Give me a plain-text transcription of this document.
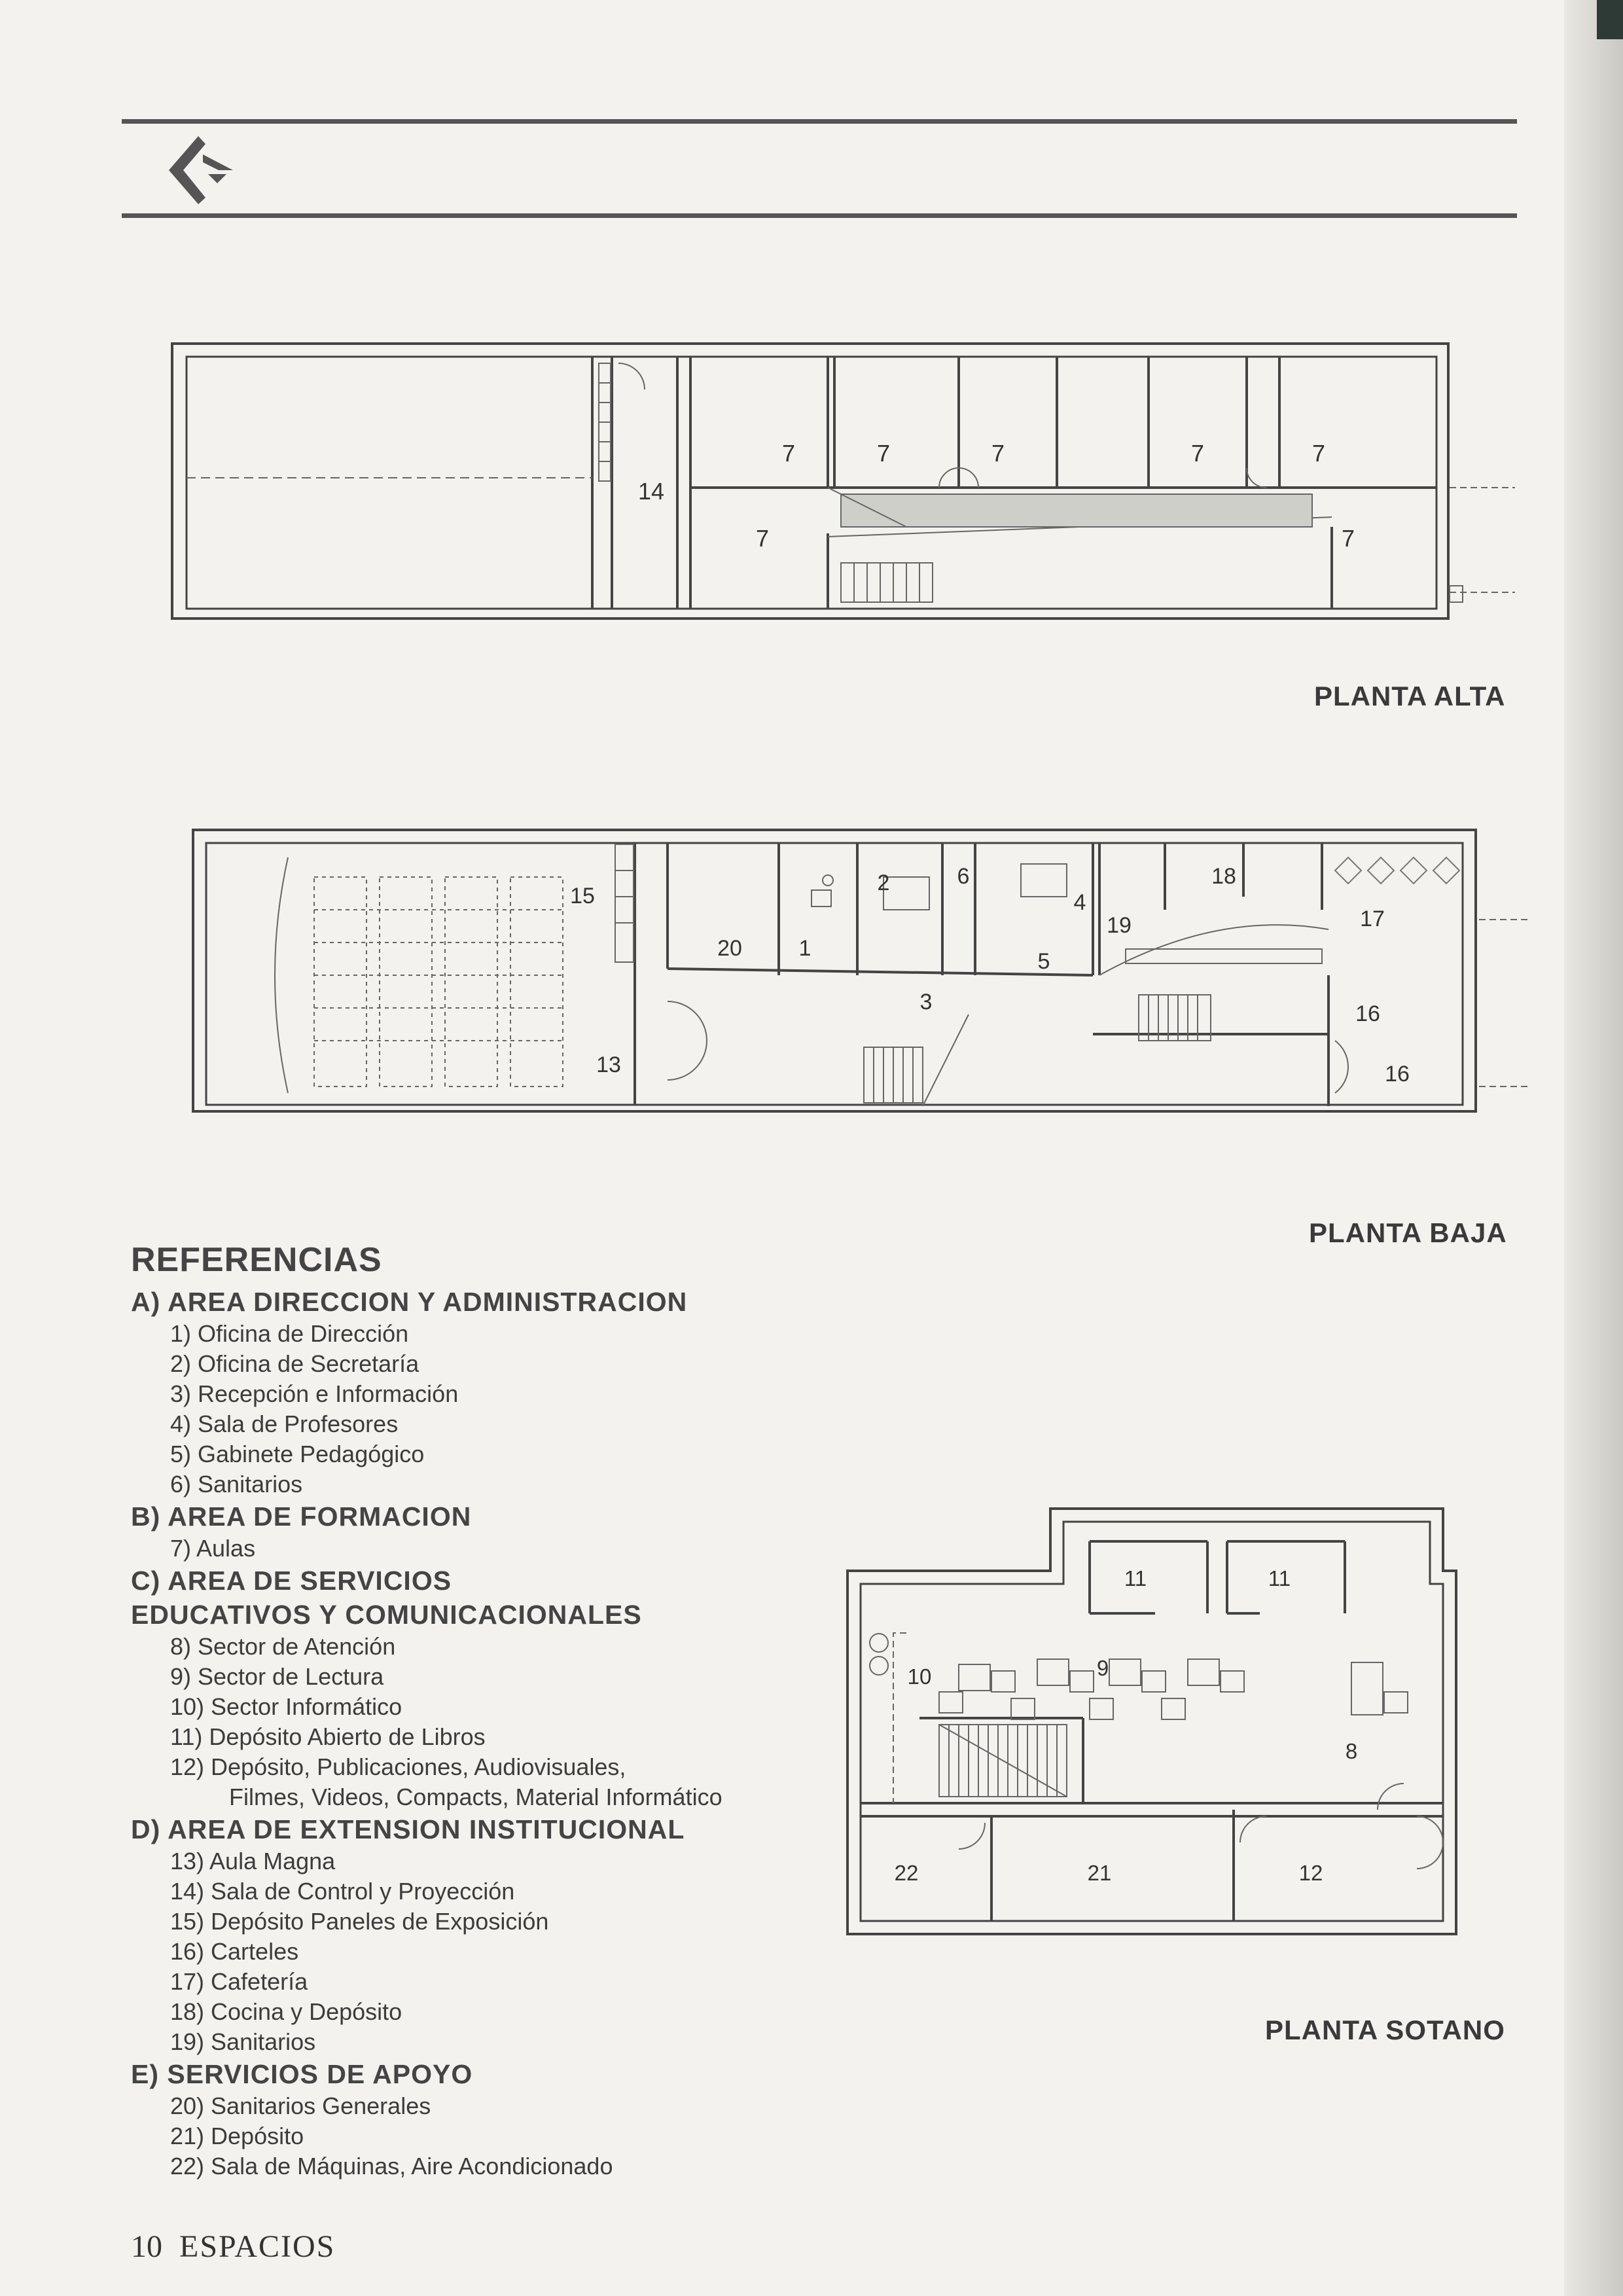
14
7	7	7	7	7
7	7
PLANTA ALTA
15
13
20	1
2	6
4
5
3
18
19	17
16
16
PLANTA BAJA
REFERENCIAS

A) AREA DIRECCION Y ADMINISTRACION

1) Oficina de Dirección

2) Oficina de Secretaría

3) Recepción e Información

4) Sala de Profesores

5) Gabinete Pedagógico

6) Sanitarios

B) AREA DE FORMACION

7) Aulas

C) AREA DE SERVICIOS

EDUCATIVOS Y COMUNICACIONALES

8) Sector de Atención

9) Sector de Lectura

10) Sector Informático

11) Depósito Abierto de Libros

12) Depósito, Publicaciones, Audiovisuales,

Filmes, Videos, Compacts, Material Informático

D) AREA DE EXTENSION INSTITUCIONAL

13) Aula Magna

14) Sala de Control y Proyección

15) Depósito Paneles de Exposición

16) Carteles

17) Cafetería

18) Cocina y Depósito

19) Sanitarios

E) SERVICIOS DE APOYO

20) Sanitarios Generales

21) Depósito

22) Sala de Máquinas, Aire Acondicionado

11	11
10	9
8
22	21	12
PLANTA SOTANO
10 ESPACIOS
